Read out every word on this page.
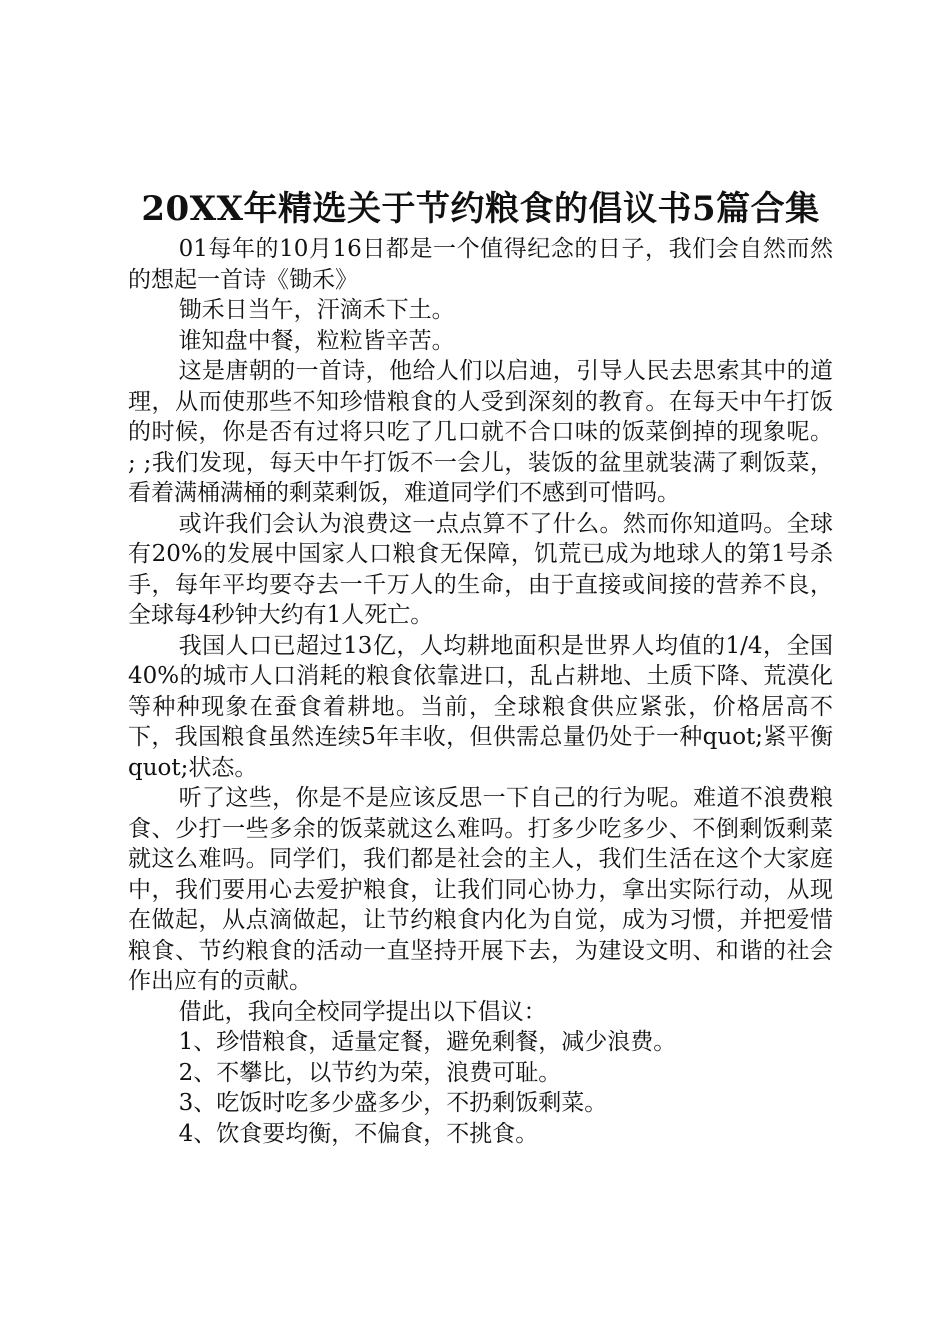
20XX年精选关于节约粮食的倡议书5篇合集

01每年的10月16日都是一个值得纪念的日子，我们会自然而然的想起一首诗《锄禾》

锄禾日当午，汗滴禾下土。

谁知盘中餐，粒粒皆辛苦。

这是唐朝的一首诗，他给人们以启迪，引导人民去思索其中的道理，从而使那些不知珍惜粮食的人受到深刻的教育。在每天中午打饭的时候，你是否有过将只吃了几口就不合口味的饭菜倒掉的现象呢。 ; ;我们发现，每天中午打饭不一会儿，装饭的盆里就装满了剩饭菜，看着满桶满桶的剩菜剩饭，难道同学们不感到可惜吗。

或许我们会认为浪费这一点点算不了什么。然而你知道吗。全球有20%的发展中国家人口粮食无保障，饥荒已成为地球人的第1号杀手，每年平均要夺去一千万人的生命，由于直接或间接的营养不良，全球每4秒钟大约有1人死亡。

我国人口已超过13亿，人均耕地面积是世界人均值的1/4，全国40%的城市人口消耗的粮食依靠进口，乱占耕地、土质下降、荒漠化等种种现象在蚕食着耕地。当前，全球粮食供应紧张，价格居高不下，我国粮食虽然连续5年丰收，但供需总量仍处于一种quot;紧平衡quot;状态。

听了这些，你是不是应该反思一下自己的行为呢。难道不浪费粮食、少打一些多余的饭菜就这么难吗。打多少吃多少、不倒剩饭剩菜就这么难吗。同学们，我们都是社会的主人，我们生活在这个大家庭中，我们要用心去爱护粮食，让我们同心协力，拿出实际行动，从现在做起，从点滴做起，让节约粮食内化为自觉，成为习惯，并把爱惜粮食、节约粮食的活动一直坚持开展下去，为建设文明、和谐的社会作出应有的贡献。

借此，我向全校同学提出以下倡议：

1、珍惜粮食，适量定餐，避免剩餐，减少浪费。

2、不攀比，以节约为荣，浪费可耻。

3、吃饭时吃多少盛多少，不扔剩饭剩菜。

4、饮食要均衡，不偏食，不挑食。
